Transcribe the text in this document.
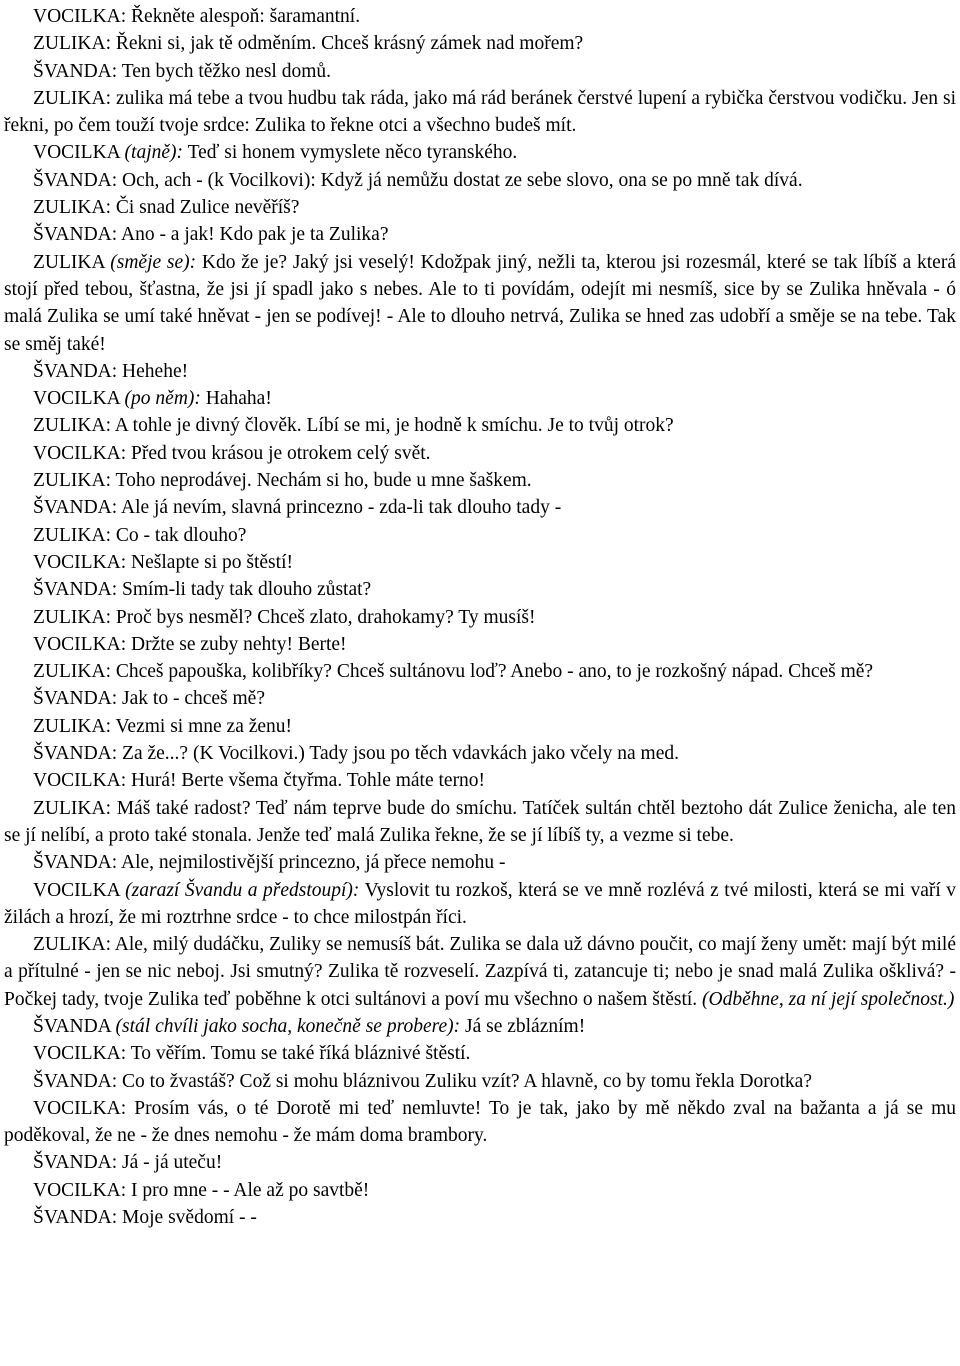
VOCILKA: Řekněte alespoň: šaramantní.

ZULIKA: Řekni si, jak tě odměním. Chceš krásný zámek nad mořem?

ŠVANDA: Ten bych těžko nesl domů.

ZULIKA: zulika má tebe a tvou hudbu tak ráda, jako má rád beránek čerstvé lupení a rybička čerstvou vodičku. Jen si řekni, po čem touží tvoje srdce: Zulika to řekne otci a všechno budeš mít.

VOCILKA (tajně): Teď si honem vymyslete něco tyranského.

ŠVANDA: Och, ach - (k Vocilkovi): Když já nemůžu dostat ze sebe slovo, ona se po mně tak dívá.

ZULIKA: Či snad Zulice nevěříš?

ŠVANDA: Ano - a jak! Kdo pak je ta Zulika?

ZULIKA (směje se): Kdo že je? Jaký jsi veselý! Kdožpak jiný, nežli ta, kterou jsi rozesmál, které se tak líbíš a která stojí před tebou, šťastna, že jsi jí spadl jako s nebes. Ale to ti povídám, odejít mi nesmíš, sice by se Zulika hněvala - ó malá Zulika se umí také hněvat - jen se podívej! - Ale to dlouho netrvá, Zulika se hned zas udobří a směje se na tebe. Tak se směj také!

ŠVANDA: Hehehe!

VOCILKA (po něm): Hahaha!

ZULIKA: A tohle je divný člověk. Líbí se mi, je hodně k smíchu. Je to tvůj otrok?

VOCILKA: Před tvou krásou je otrokem celý svět.

ZULIKA: Toho neprodávej. Nechám si ho, bude u mne šaškem.

ŠVANDA: Ale já nevím, slavná princezno - zda-li tak dlouho tady -

ZULIKA: Co - tak dlouho?

VOCILKA: Nešlapte si po štěstí!

ŠVANDA: Smím-li tady tak dlouho zůstat?

ZULIKA: Proč bys nesměl? Chceš zlato, drahokamy? Ty musíš!

VOCILKA: Držte se zuby nehty! Berte!

ZULIKA: Chceš papouška, kolibříky? Chceš sultánovu loď? Anebo - ano, to je rozkošný nápad. Chceš mě?

ŠVANDA: Jak to - chceš mě?

ZULIKA: Vezmi si mne za ženu!

ŠVANDA: Za že...? (K Vocilkovi.) Tady jsou po těch vdavkách jako včely na med.

VOCILKA: Hurá! Berte všema čtyřma. Tohle máte terno!

ZULIKA: Máš také radost? Teď nám teprve bude do smíchu. Tatíček sultán chtěl beztoho dát Zulice ženicha, ale ten se jí nelíbí, a proto také stonala. Jenže teď malá Zulika řekne, že se jí líbíš ty, a vezme si tebe.

ŠVANDA: Ale, nejmilostivější princezno, já přece nemohu -

VOCILKA (zarazí Švandu a předstoupí): Vyslovit tu rozkoš, která se ve mně rozlévá z tvé milosti, která se mi vaří v žilách a hrozí, že mi roztrhne srdce - to chce milostpán říci.

ZULIKA: Ale, milý dudáčku, Zuliky se nemusíš bát. Zulika se dala už dávno poučit, co mají ženy umět: mají být milé a přítulné - jen se nic neboj. Jsi smutný? Zulika tě rozveselí. Zazpívá ti, zatancuje ti; nebo je snad malá Zulika ošklivá? - Počkej tady, tvoje Zulika teď poběhne k otci sultánovi a poví mu všechno o našem štěstí. (Odběhne, za ní její společnost.)

ŠVANDA (stál chvíli jako socha, konečně se probere): Já se zblázním!

VOCILKA: To věřím. Tomu se také říká bláznivé štěstí.

ŠVANDA: Co to žvastáš? Což si mohu bláznivou Zuliku vzít? A hlavně, co by tomu řekla Dorotka?

VOCILKA: Prosím vás, o té Dorotě mi teď nemluvte! To je tak, jako by mě někdo zval na bažanta a já se mu poděkoval, že ne - že dnes nemohu - že mám doma brambory.

ŠVANDA: Já - já uteču!

VOCILKA: I pro mne - - Ale až po savtbě!

ŠVANDA: Moje svědomí - -
